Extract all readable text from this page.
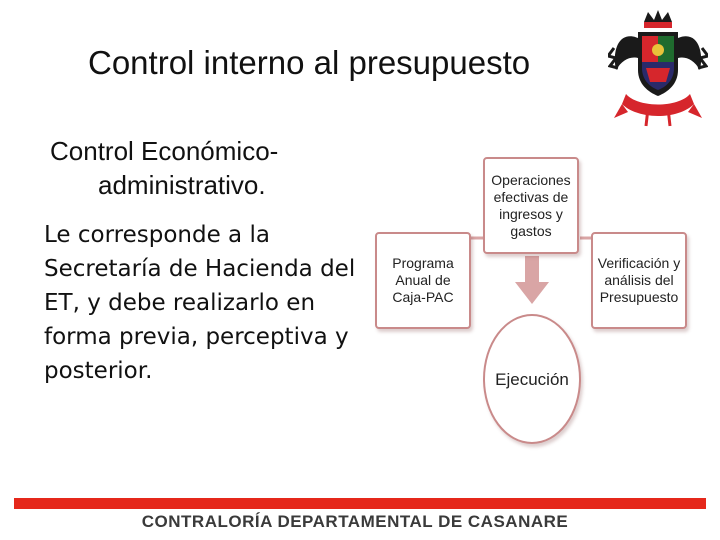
Control interno al presupuesto
Control Económico-
administrativo.
Le corresponde a la Secretaría de Hacienda del ET, y debe realizarlo en forma previa, perceptiva y posterior.
Operaciones
efectivas de
ingresos y
gastos
Programa
Anual de
Caja-PAC
Verificación y
análisis del
Presupuesto
Ejecución
CONTRALORÍA DEPARTAMENTAL DE CASANARE
